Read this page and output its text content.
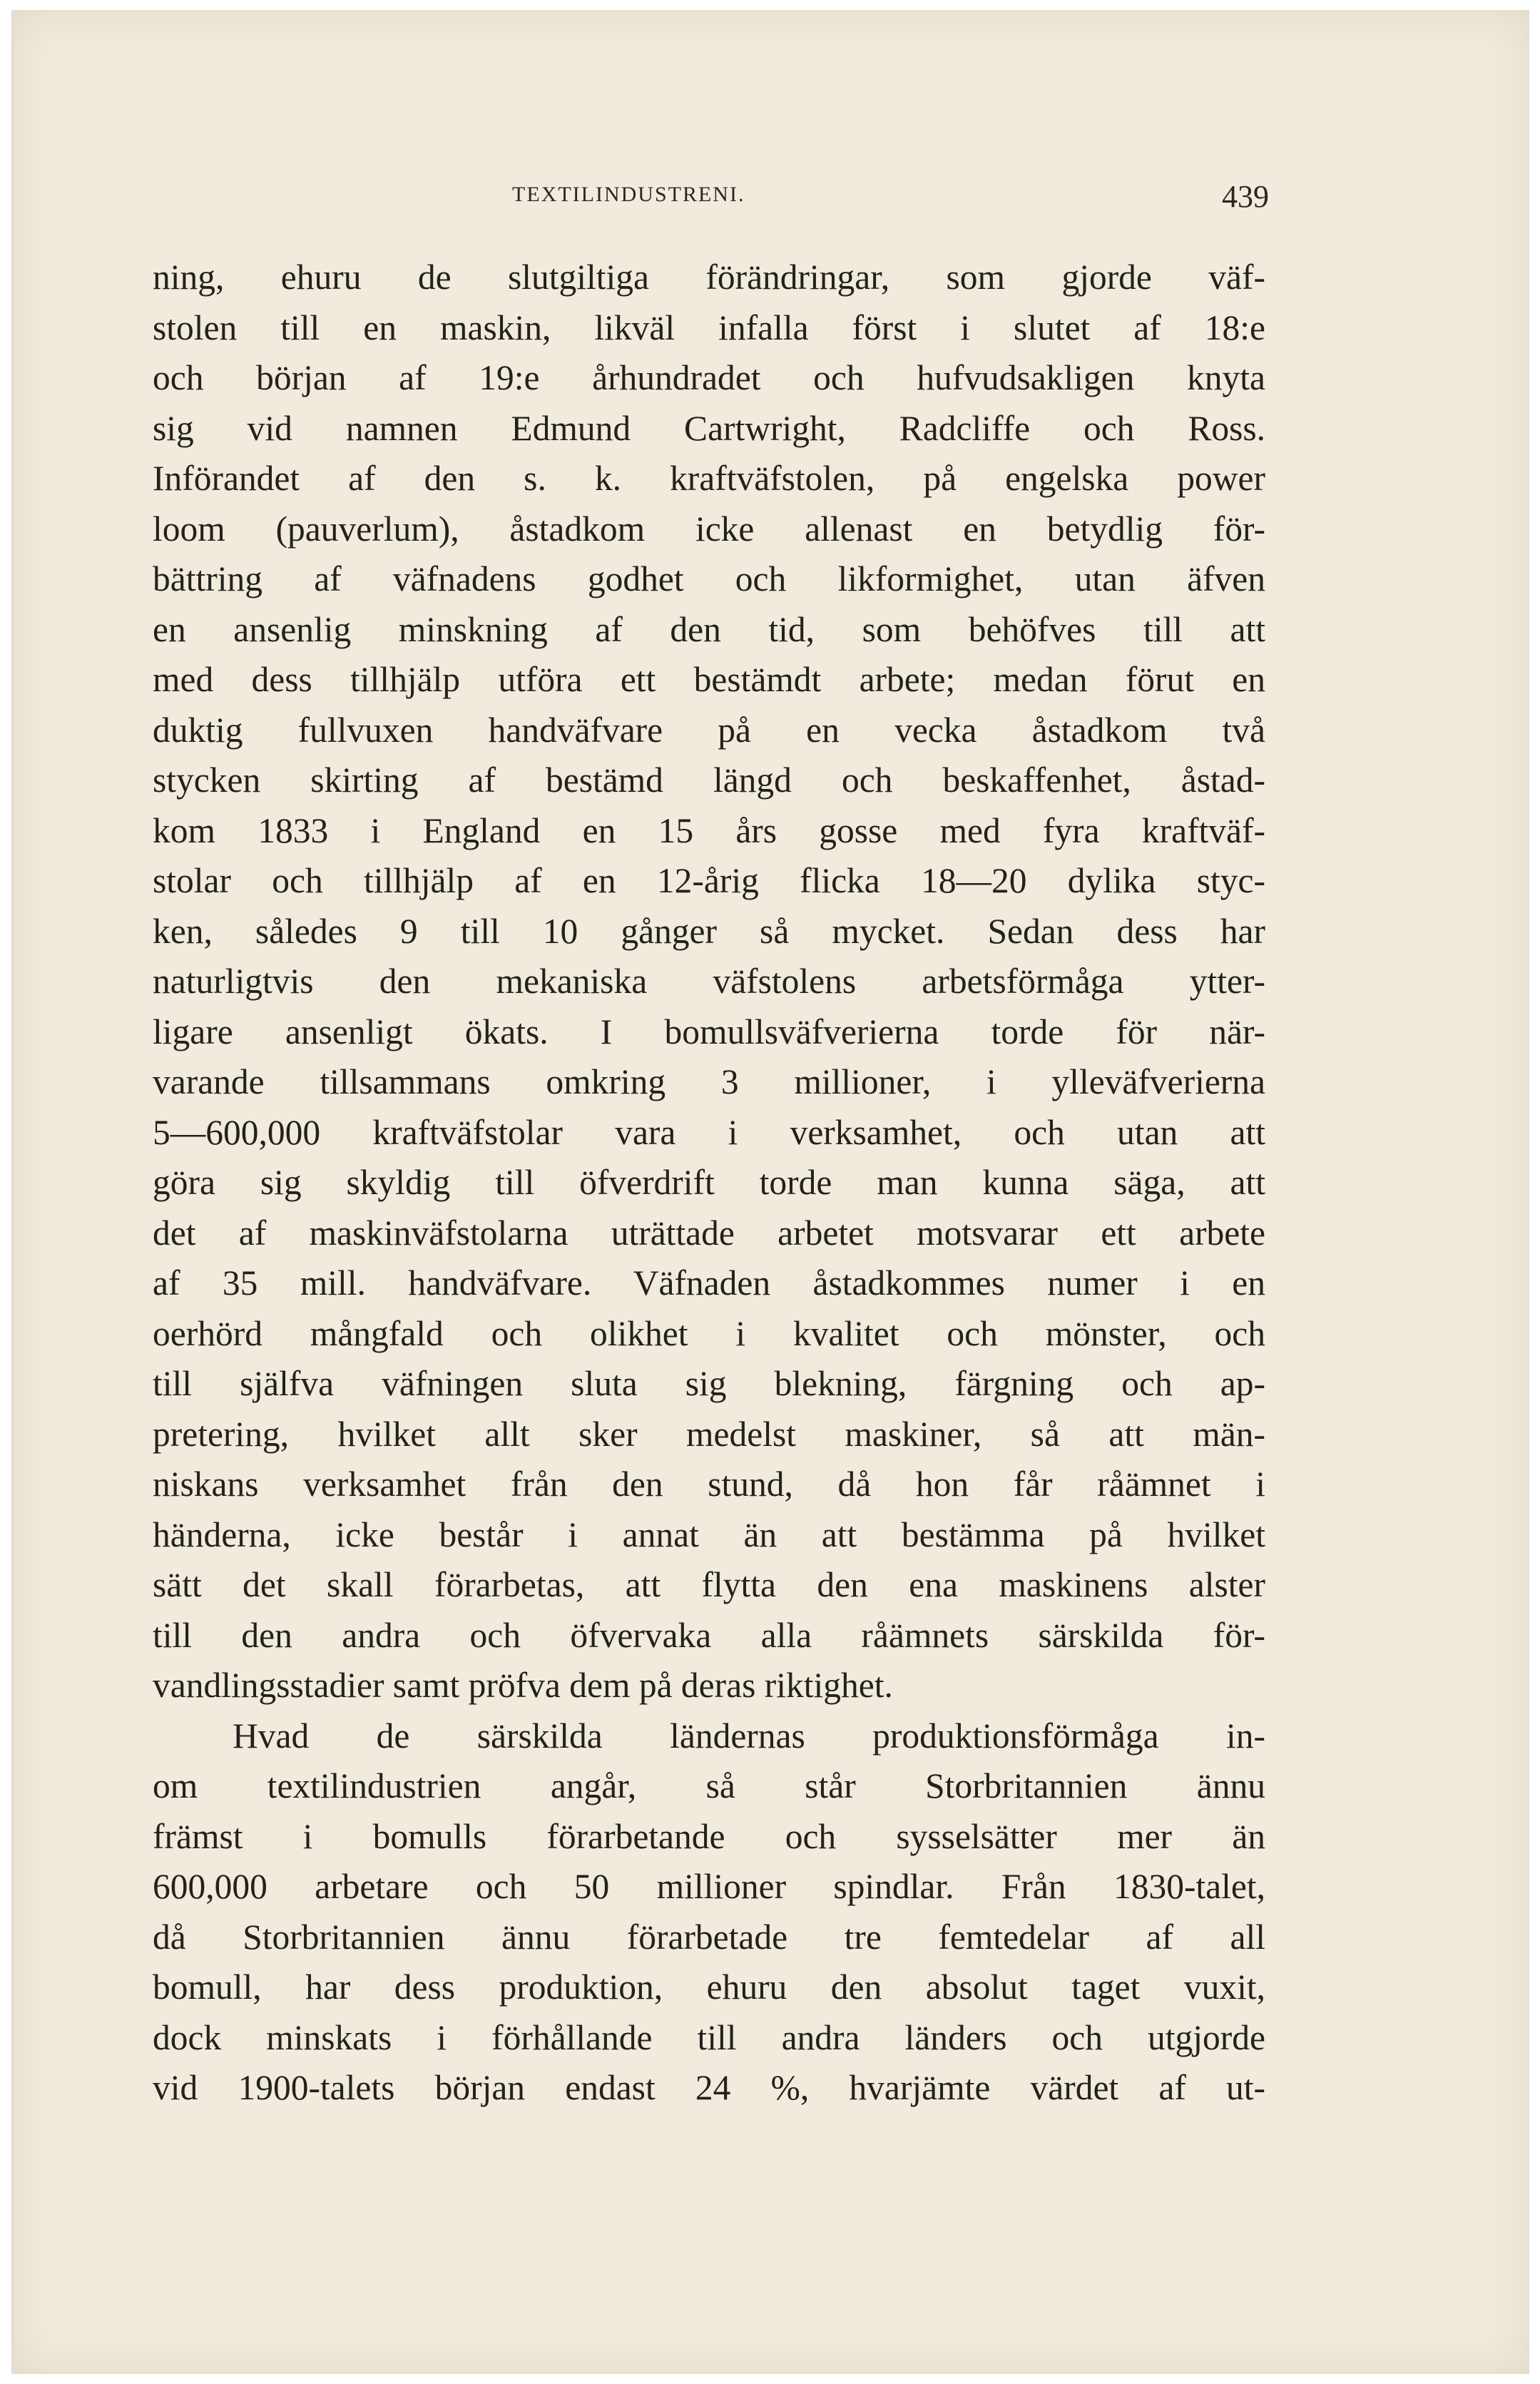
TEXTILINDUSTRENI.	439
ning, ehuru de slutgiltiga förändringar, som gjorde väf-
stolen till en maskin, likväl infalla först i slutet af 18:e
och början af 19:e århundradet och hufvudsakligen knyta
sig vid namnen Edmund Cartwright, Radcliffe och Ross.
Införandet af den s. k. kraftväfstolen, på engelska power
loom (pauverlum), åstadkom icke allenast en betydlig för-
bättring af väfnadens godhet och likformighet, utan äfven
en ansenlig minskning af den tid, som behöfves till att
med dess tillhjälp utföra ett bestämdt arbete; medan förut en
duktig fullvuxen handväfvare på en vecka åstadkom två
stycken skirting af bestämd längd och beskaffenhet, åstad-
kom 1833 i England en 15 års gosse med fyra kraftväf-
stolar och tillhjälp af en 12-årig flicka 18—20 dylika styc-
ken, således 9 till 10 gånger så mycket. Sedan dess har
naturligtvis den mekaniska väfstolens arbetsförmåga ytter-
ligare ansenligt ökats. I bomullsväfverierna torde för när-
varande tillsammans omkring 3 millioner, i ylleväfverierna
5—600,000 kraftväfstolar vara i verksamhet, och utan att
göra sig skyldig till öfverdrift torde man kunna säga, att
det af maskinväfstolarna uträttade arbetet motsvarar ett arbete
af 35 mill. handväfvare. Väfnaden åstadkommes numer i en
oerhörd mångfald och olikhet i kvalitet och mönster, och
till själfva väfningen sluta sig blekning, färgning och ap-
pretering, hvilket allt sker medelst maskiner, så att män-
niskans verksamhet från den stund, då hon får råämnet i
händerna, icke består i annat än att bestämma på hvilket
sätt det skall förarbetas, att flytta den ena maskinens alster
till den andra och öfvervaka alla råämnets särskilda för-
vandlingsstadier samt pröfva dem på deras riktighet.
Hvad de särskilda ländernas produktionsförmåga in-
om textilindustrien angår, så står Storbritannien ännu
främst i bomulls förarbetande och sysselsätter mer än
600,000 arbetare och 50 millioner spindlar. Från 1830-talet,
då Storbritannien ännu förarbetade tre femtedelar af all
bomull, har dess produktion, ehuru den absolut taget vuxit,
dock minskats i förhållande till andra länders och utgjorde
vid 1900-talets början endast 24 %, hvarjämte värdet af ut-
